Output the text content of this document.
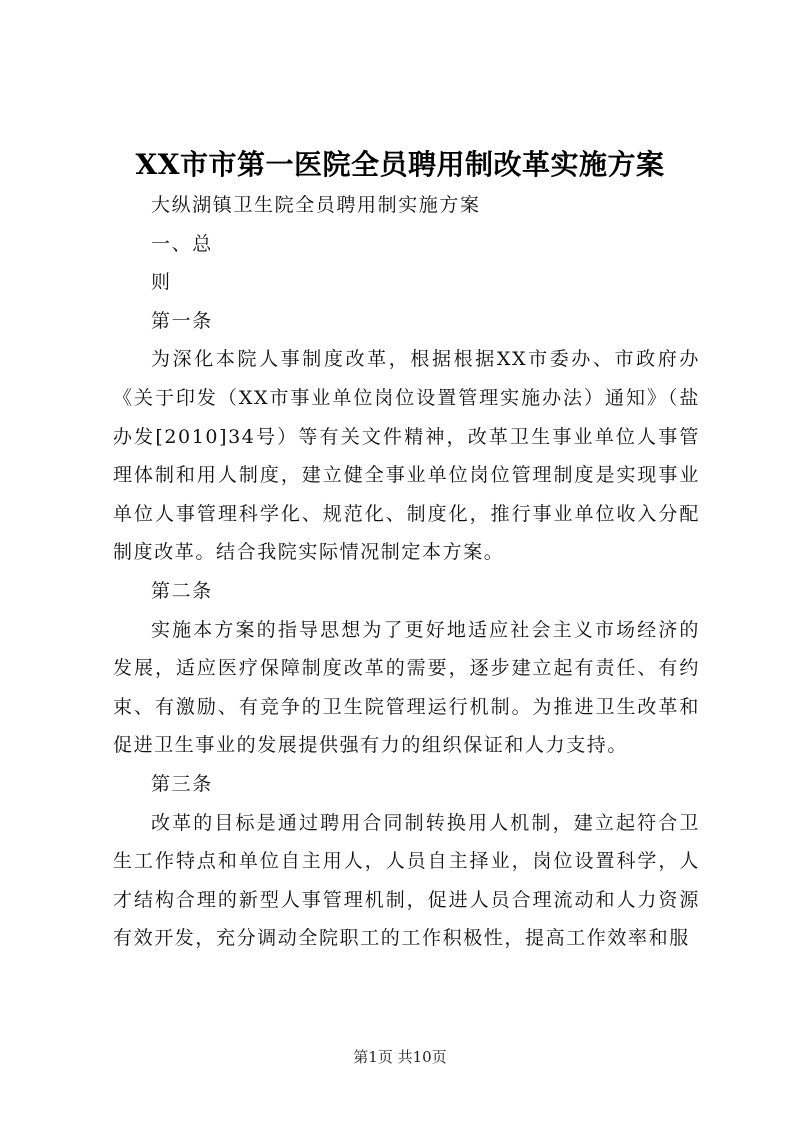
XX市市第一医院全员聘用制改革实施方案

大纵湖镇卫生院全员聘用制实施方案

一、总

则

第一条

为深化本院人事制度改革，根据根据XX市委办、市政府办《关于印发（XX市事业单位岗位设置管理实施办法）通知》（盐办发[2010]34号）等有关文件精神，改革卫生事业单位人事管理体制和用人制度，建立健全事业单位岗位管理制度是实现事业单位人事管理科学化、规范化、制度化，推行事业单位收入分配制度改革。结合我院实际情况制定本方案。

第二条

实施本方案的指导思想为了更好地适应社会主义市场经济的发展，适应医疗保障制度改革的需要，逐步建立起有责任、有约束、有激励、有竞争的卫生院管理运行机制。为推进卫生改革和促进卫生事业的发展提供强有力的组织保证和人力支持。

第三条

改革的目标是通过聘用合同制转换用人机制，建立起符合卫生工作特点和单位自主用人，人员自主择业，岗位设置科学，人才结构合理的新型人事管理机制，促进人员合理流动和人力资源有效开发，充分调动全院职工的工作积极性，提高工作效率和服

第1页 共10页
